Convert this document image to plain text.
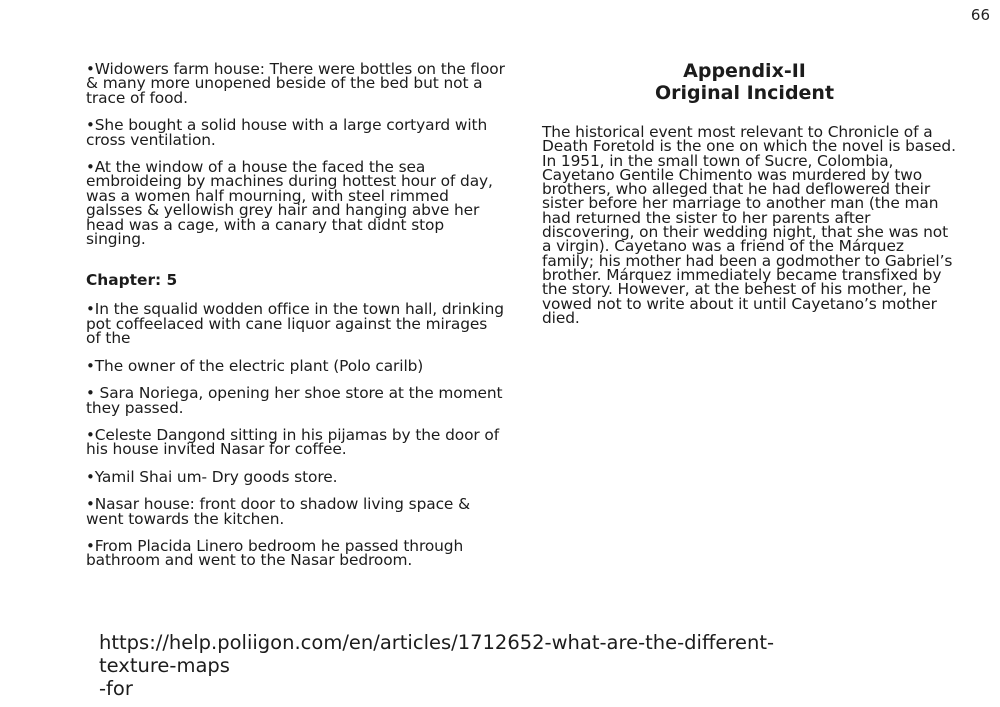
66
•Widowers farm house: There were bottles on the floor & many more unopened beside of the bed but not a trace of food.
•She bought a solid house with a large cortyard with cross ventilation.
•At the window of a house the faced the sea embroideing by machines during hottest hour of day, was a women half mourning, with steel rimmed galsses & yellowish grey hair and hanging abve her head was a cage, with a canary that didnt stop singing.
Chapter: 5
•In the squalid wodden office in the town hall, drinking pot coffeelaced with cane liquor against the mirages of the
•The owner of the electric plant (Polo carilb)
• Sara Noriega, opening her shoe store at the moment they passed.
•Celeste Dangond sitting in his pijamas by the door of his house invited Nasar for coffee.
•Yamil Shai um- Dry goods store.
•Nasar house: front door to shadow living space & went towards the kitchen.
•From Placida Linero bedroom he passed through bathroom and went to the Nasar bedroom.
Appendix-II
Original Incident
The historical event most relevant to Chronicle of a Death Foretold is the one on which the novel is based. In 1951, in the small town of Sucre, Colombia, Cayetano Gentile Chimento was murdered by two brothers, who alleged that he had deflowered their sister before her marriage to another man (the man had returned the sister to her parents after discovering, on their wedding night, that she was not a virgin). Cayetano was a friend of the Márquez family; his mother had been a godmother to Gabriel’s brother. Márquez immediately became transfixed by the story. However, at the behest of his mother, he vowed not to write about it until Cayetano’s mother died.
https://help.poliigon.com/en/articles/1712652-what-are-the-different-texture-maps
-for
